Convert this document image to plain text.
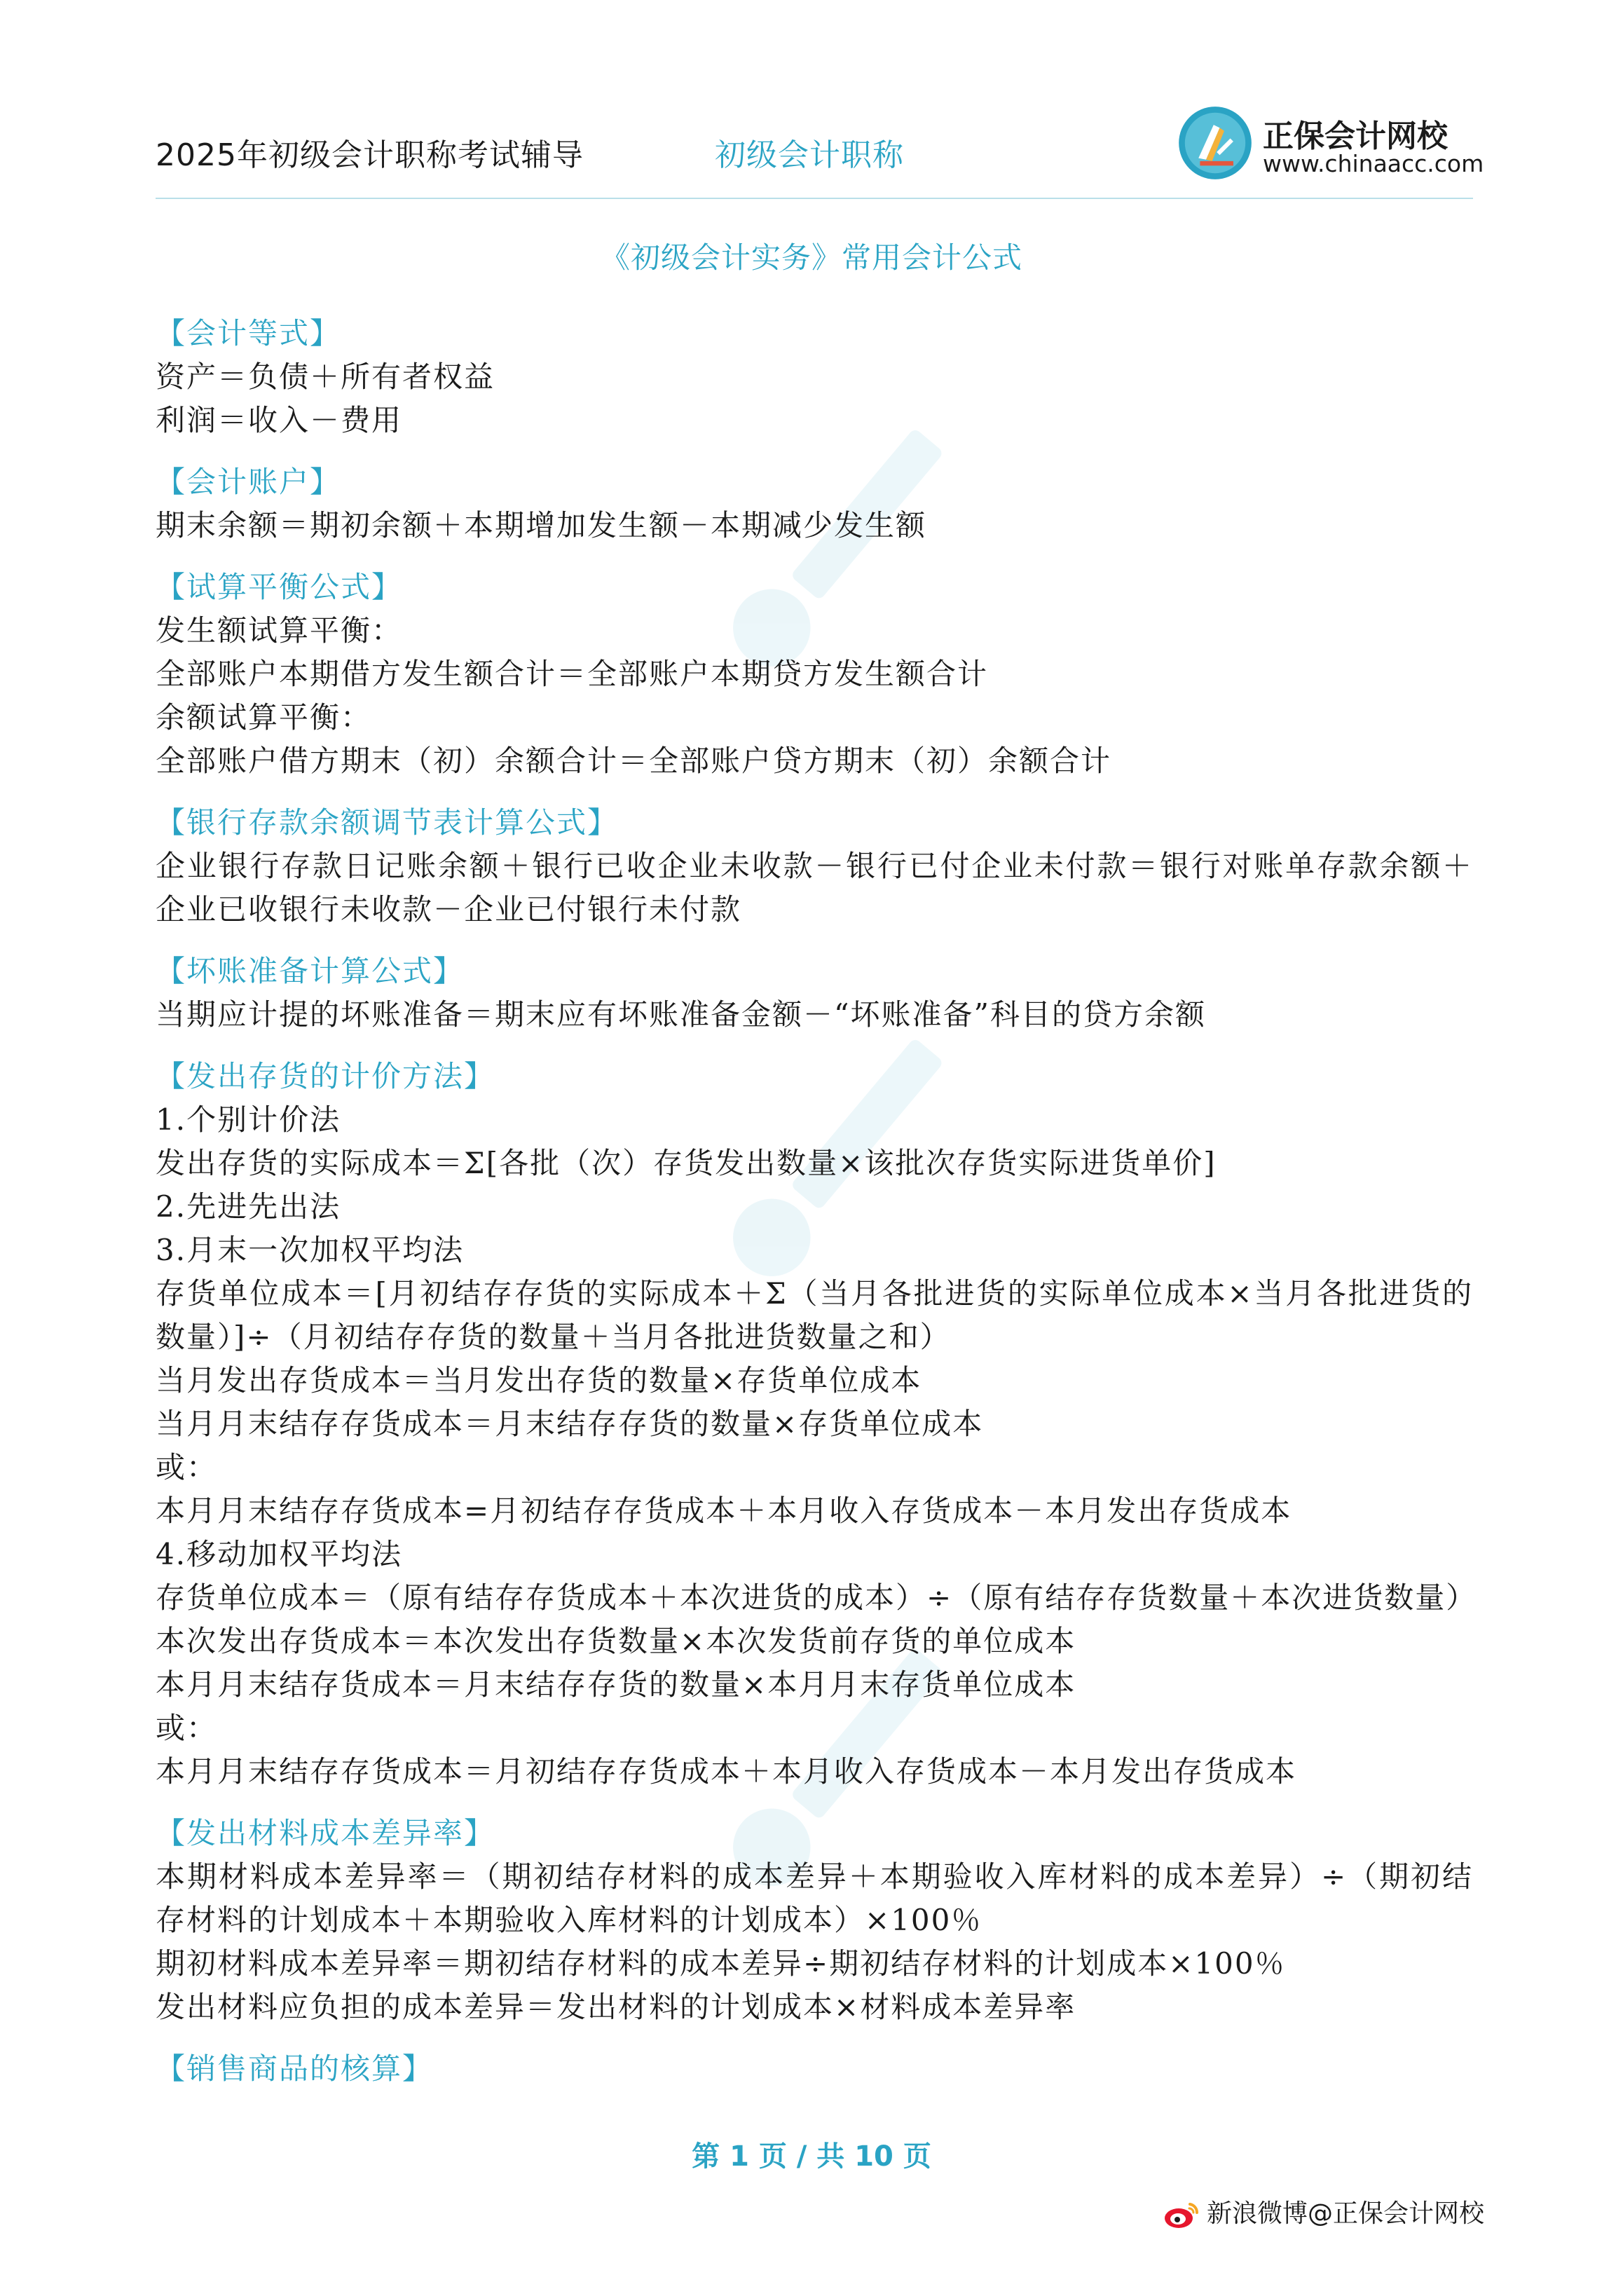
2025年初级会计职称考试辅导	初级会计职称
正保会计网校
www.chinaacc.com
《初级会计实务》常用会计公式
【会计等式】
资产＝负债＋所有者权益
利润＝收入－费用
【会计账户】
期末余额＝期初余额＋本期增加发生额－本期减少发生额
【试算平衡公式】
发生额试算平衡：
全部账户本期借方发生额合计＝全部账户本期贷方发生额合计
余额试算平衡：
全部账户借方期末（初）余额合计＝全部账户贷方期末（初）余额合计
【银行存款余额调节表计算公式】
企业银行存款日记账余额＋银行已收企业未收款－银行已付企业未付款＝银行对账单存款余额＋企业已收银行未收款－企业已付银行未付款
【坏账准备计算公式】
当期应计提的坏账准备＝期末应有坏账准备金额－“坏账准备”科目的贷方余额
【发出存货的计价方法】
1.个别计价法
发出存货的实际成本＝Σ[各批（次）存货发出数量×该批次存货实际进货单价]
2.先进先出法
3.月末一次加权平均法
存货单位成本＝[月初结存存货的实际成本＋Σ（当月各批进货的实际单位成本×当月各批进货的数量）]÷（月初结存存货的数量＋当月各批进货数量之和）
当月发出存货成本＝当月发出存货的数量×存货单位成本
当月月末结存存货成本＝月末结存存货的数量×存货单位成本
或：
本月月末结存存货成本=月初结存存货成本＋本月收入存货成本－本月发出存货成本
4.移动加权平均法
存货单位成本＝（原有结存存货成本＋本次进货的成本）÷（原有结存存货数量＋本次进货数量）
本次发出存货成本＝本次发出存货数量×本次发货前存货的单位成本
本月月末结存货成本＝月末结存存货的数量×本月月末存货单位成本
或：
本月月末结存存货成本＝月初结存存货成本＋本月收入存货成本－本月发出存货成本
【发出材料成本差异率】
本期材料成本差异率＝（期初结存材料的成本差异＋本期验收入库材料的成本差异）÷（期初结存材料的计划成本＋本期验收入库材料的计划成本）×100％
期初材料成本差异率＝期初结存材料的成本差异÷期初结存材料的计划成本×100％
发出材料应负担的成本差异＝发出材料的计划成本×材料成本差异率
【销售商品的核算】
第 1 页 / 共 10 页
新浪微博@正保会计网校
